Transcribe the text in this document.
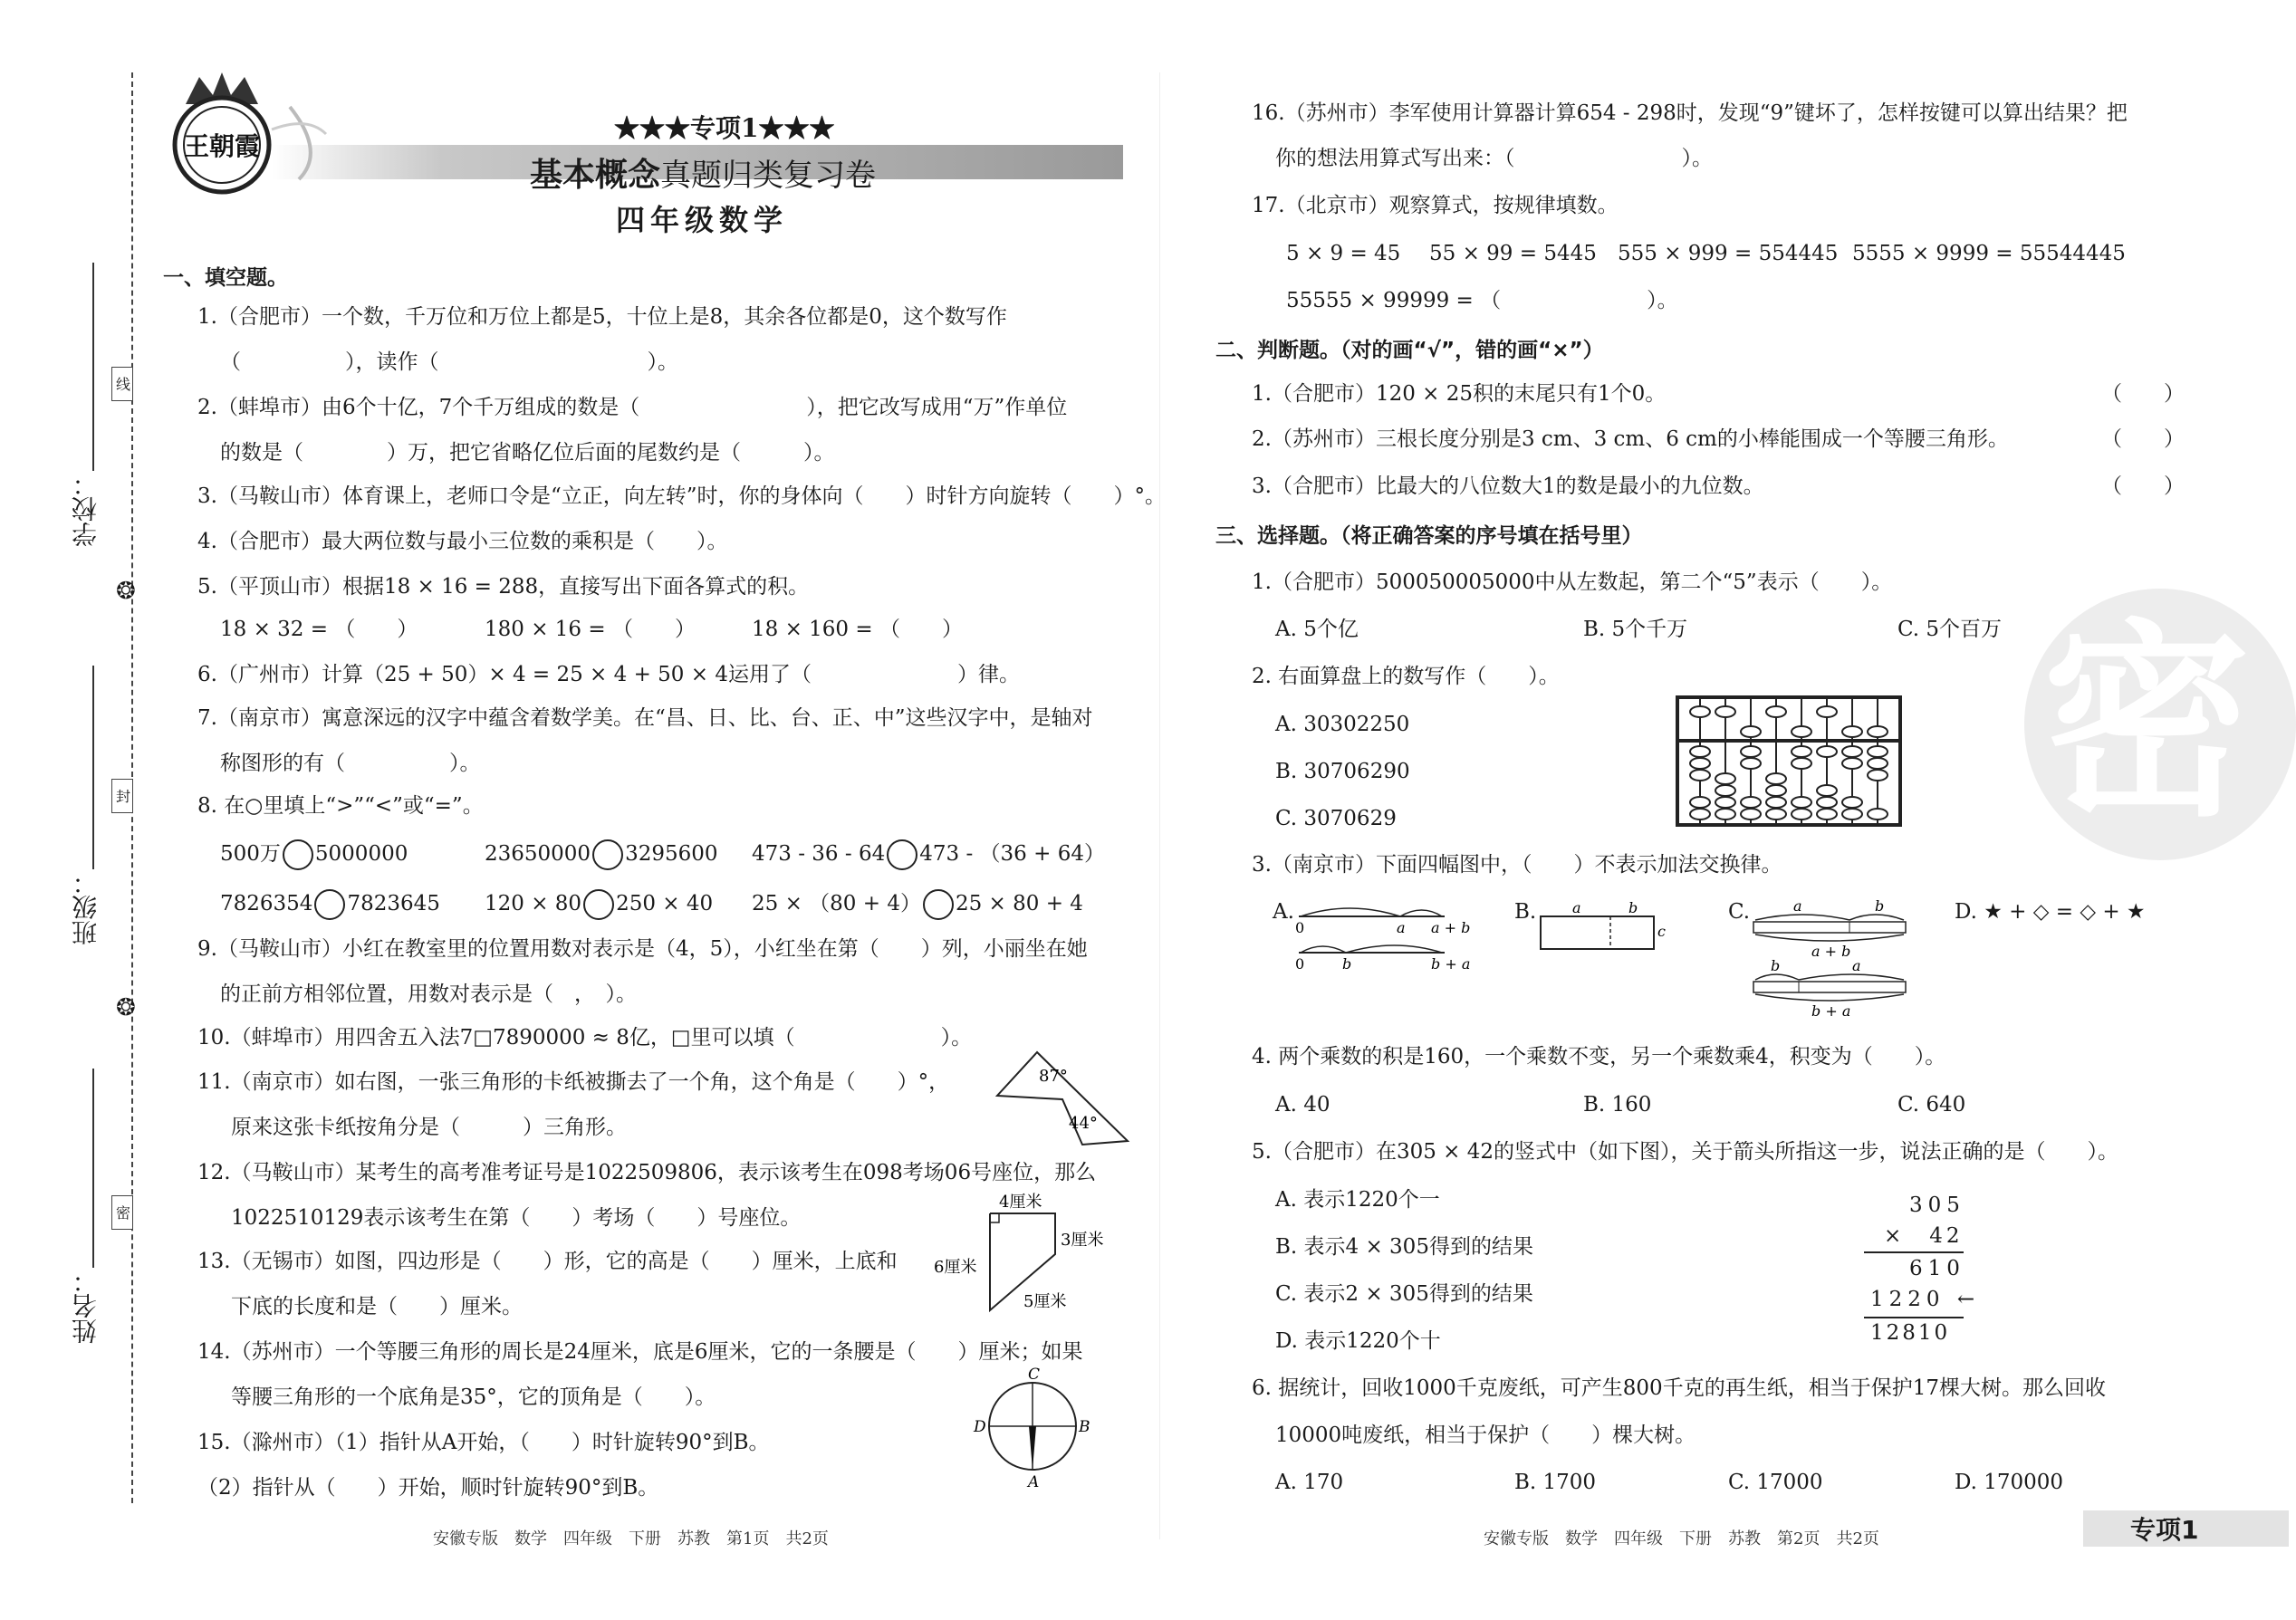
学校：
班级：
姓名：
线
封
密
❂
❂
王朝霞
★★★专项1★★★
基本概念真题归类复习卷
四年级数学
一、填空题。
1.（合肥市）一个数，千万位和万位上都是5，十位上是8，其余各位都是0，这个数写作
（　　　　　），读作（　　　　　　　　　　）。
2.（蚌埠市）由6个十亿，7个千万组成的数是（　　　　　　　　），把它改写成用“万”作单位
的数是（　　　　）万，把它省略亿位后面的尾数约是（　　　）。
3.（马鞍山市）体育课上，老师口令是“立正，向左转”时，你的身体向（　　）时针方向旋转（　　）°。
4.（合肥市）最大两位数与最小三位数的乘积是（　　）。
5.（平顶山市）根据18 × 16 = 288，直接写出下面各算式的积。
18 × 32 = （　　）	180 × 16 = （　　）	18 × 160 = （　　）
6.（广州市）计算（25 + 50）× 4 = 25 × 4 + 50 × 4运用了（　　　　　　　）律。
7.（南京市）寓意深远的汉字中蕴含着数学美。在“昌、日、比、台、正、中”这些汉字中，是轴对
称图形的有（　　　　　）。
8. 在○里填上“>”“<”或“=”。
500万 5000000	23650000 3295600 473 - 36 - 64 473 - （36 + 64）
7826354 7823645 120 × 80 250 × 40 25 × （80 + 4） 25 × 80 + 4
9.（马鞍山市）小红在教室里的位置用数对表示是（4，5），小红坐在第（　　）列，小丽坐在她
的正前方相邻位置，用数对表示是（　，　）。
10.（蚌埠市）用四舍五入法7□7890000 ≈ 8亿，□里可以填（　　　　　　　）。
11.（南京市）如右图，一张三角形的卡纸被撕去了一个角，这个角是（　　）°，
原来这张卡纸按角分是（　　　）三角形。
87°
44°
12.（马鞍山市）某考生的高考准考证号是1022509806，表示该考生在098考场06号座位，那么
1022510129表示该考生在第（　　）考场（　　）号座位。
13.（无锡市）如图，四边形是（　　）形，它的高是（　　）厘米，上底和
下底的长度和是（　　）厘米。
4厘米
6厘米
3厘米
5厘米
14.（苏州市）一个等腰三角形的周长是24厘米，底是6厘米，它的一条腰是（　　）厘米；如果
等腰三角形的一个底角是35°，它的顶角是（　　）。
15.（滁州市）（1）指针从A开始，（　　）时针旋转90°到B。
（2）指针从（　　）开始，顺时针旋转90°到B。
C
D	B
A
安徽专版　数学　四年级　下册　苏教　第1页　共2页
16.（苏州市）李军使用计算器计算654 - 298时，发现“9”键坏了，怎样按键可以算出结果？把
你的想法用算式写出来：（　　　　　　　　）。
17.（北京市）观察算式，按规律填数。
5 × 9 = 45 55 × 99 = 5445 555 × 999 = 554445 5555 × 9999 = 55544445
55555 × 99999 = （　　　　　　　）。
二、判断题。（对的画“√”，错的画“×”）
1.（合肥市）120 × 25积的末尾只有1个0。	（　　）
2.（苏州市）三根长度分别是3 cm、3 cm、6 cm的小棒能围成一个等腰三角形。	（　　）
3.（合肥市）比最大的八位数大1的数是最小的九位数。	（　　）
三、选择题。（将正确答案的序号填在括号里）
1.（合肥市）500050005000中从左数起，第二个“5”表示（　　）。
A. 5个亿	B. 5个千万	C. 5个百万
2. 右面算盘上的数写作（　　）。
A. 30302250
B. 30706290
C. 3070629
3.（南京市）下面四幅图中，（　　）不表示加法交换律。
A.
0	a a + b
0	b	b + a
B. a	b
c
C.	a	b
a + b
b	a
b + a
D. ★ + ◇ = ◇ + ★
4. 两个乘数的积是160，一个乘数不变，另一个乘数乘4，积变为（　　）。
A. 40	B. 160	C. 640
5.（合肥市）在305 × 42的竖式中（如下图），关于箭头所指这一步，说法正确的是（　　）。
A. 表示1220个一
B. 表示4 × 305得到的结果
C. 表示2 × 305得到的结果
D. 表示1220个十
305
×　42
610
1220 ←
12810
6. 据统计，回收1000千克废纸，可产生800千克的再生纸，相当于保护17棵大树。那么回收
10000吨废纸，相当于保护（　　）棵大树。
A. 170	B. 1700	C. 17000	D. 170000
安徽专版　数学　四年级　下册　苏教　第2页　共2页	专项1
密
